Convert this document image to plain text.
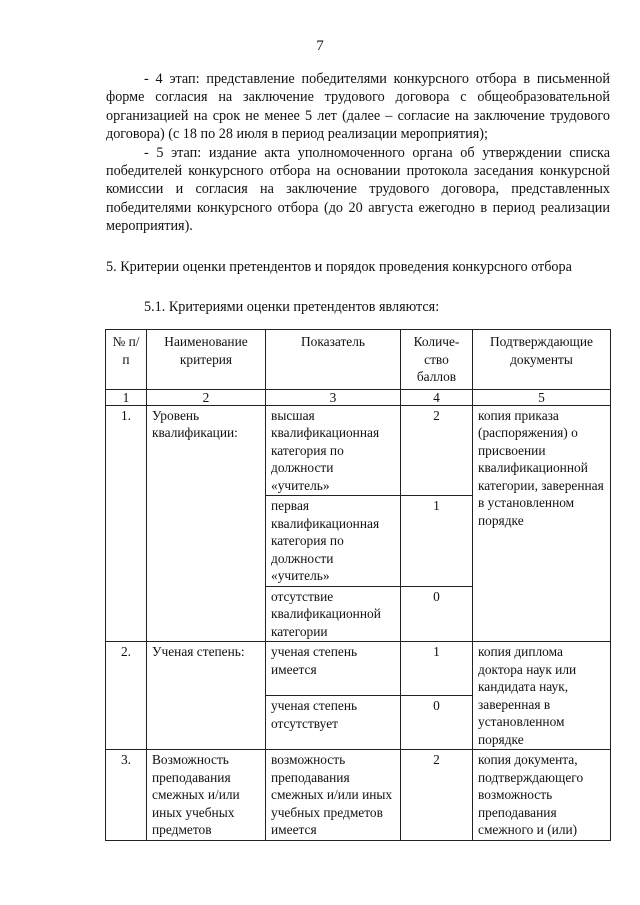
7

- 4 этап: представление победителями конкурсного отбора в письменной форме согласия на заключение трудового договора с общеобразовательной организацией на срок не менее 5 лет (далее – согласие на заключение трудового договора) (с 18 по 28 июля в период реализации мероприятия);

- 5 этап: издание акта уполномоченного органа об утверждении списка победителей конкурсного отбора на основании протокола заседания конкурсной комиссии и согласия на заключение трудового договора, представленных победителями конкурсного отбора (до 20 августа ежегодно в период реализации мероприятия).

5. Критерии оценки претендентов и порядок проведения конкурсного отбора

5.1. Критериями оценки претендентов являются:

№ п/п	Наименование критерия	Показатель	Количе-ство баллов	Подтверждающие документы
1	2	3	4	5
1.	Уровень квалификации:	высшая квалификационная категория по должности «учитель»	2	копия приказа (распоряжения) о присвоении квалификационной категории, заверенная в установленном порядке
		первая квалификационная категория по должности «учитель»	1	
		отсутствие квалификационной категории	0	
2.	Ученая степень:	ученая степень имеется	1	копия диплома доктора наук или кандидата наук, заверенная в установленном порядке
		ученая степень отсутствует	0	
3.	Возможность преподавания смежных и/или иных учебных предметов	возможность преподавания смежных и/или иных учебных предметов имеется	2	копия документа, подтверждающего возможность преподавания смежного и (или)
